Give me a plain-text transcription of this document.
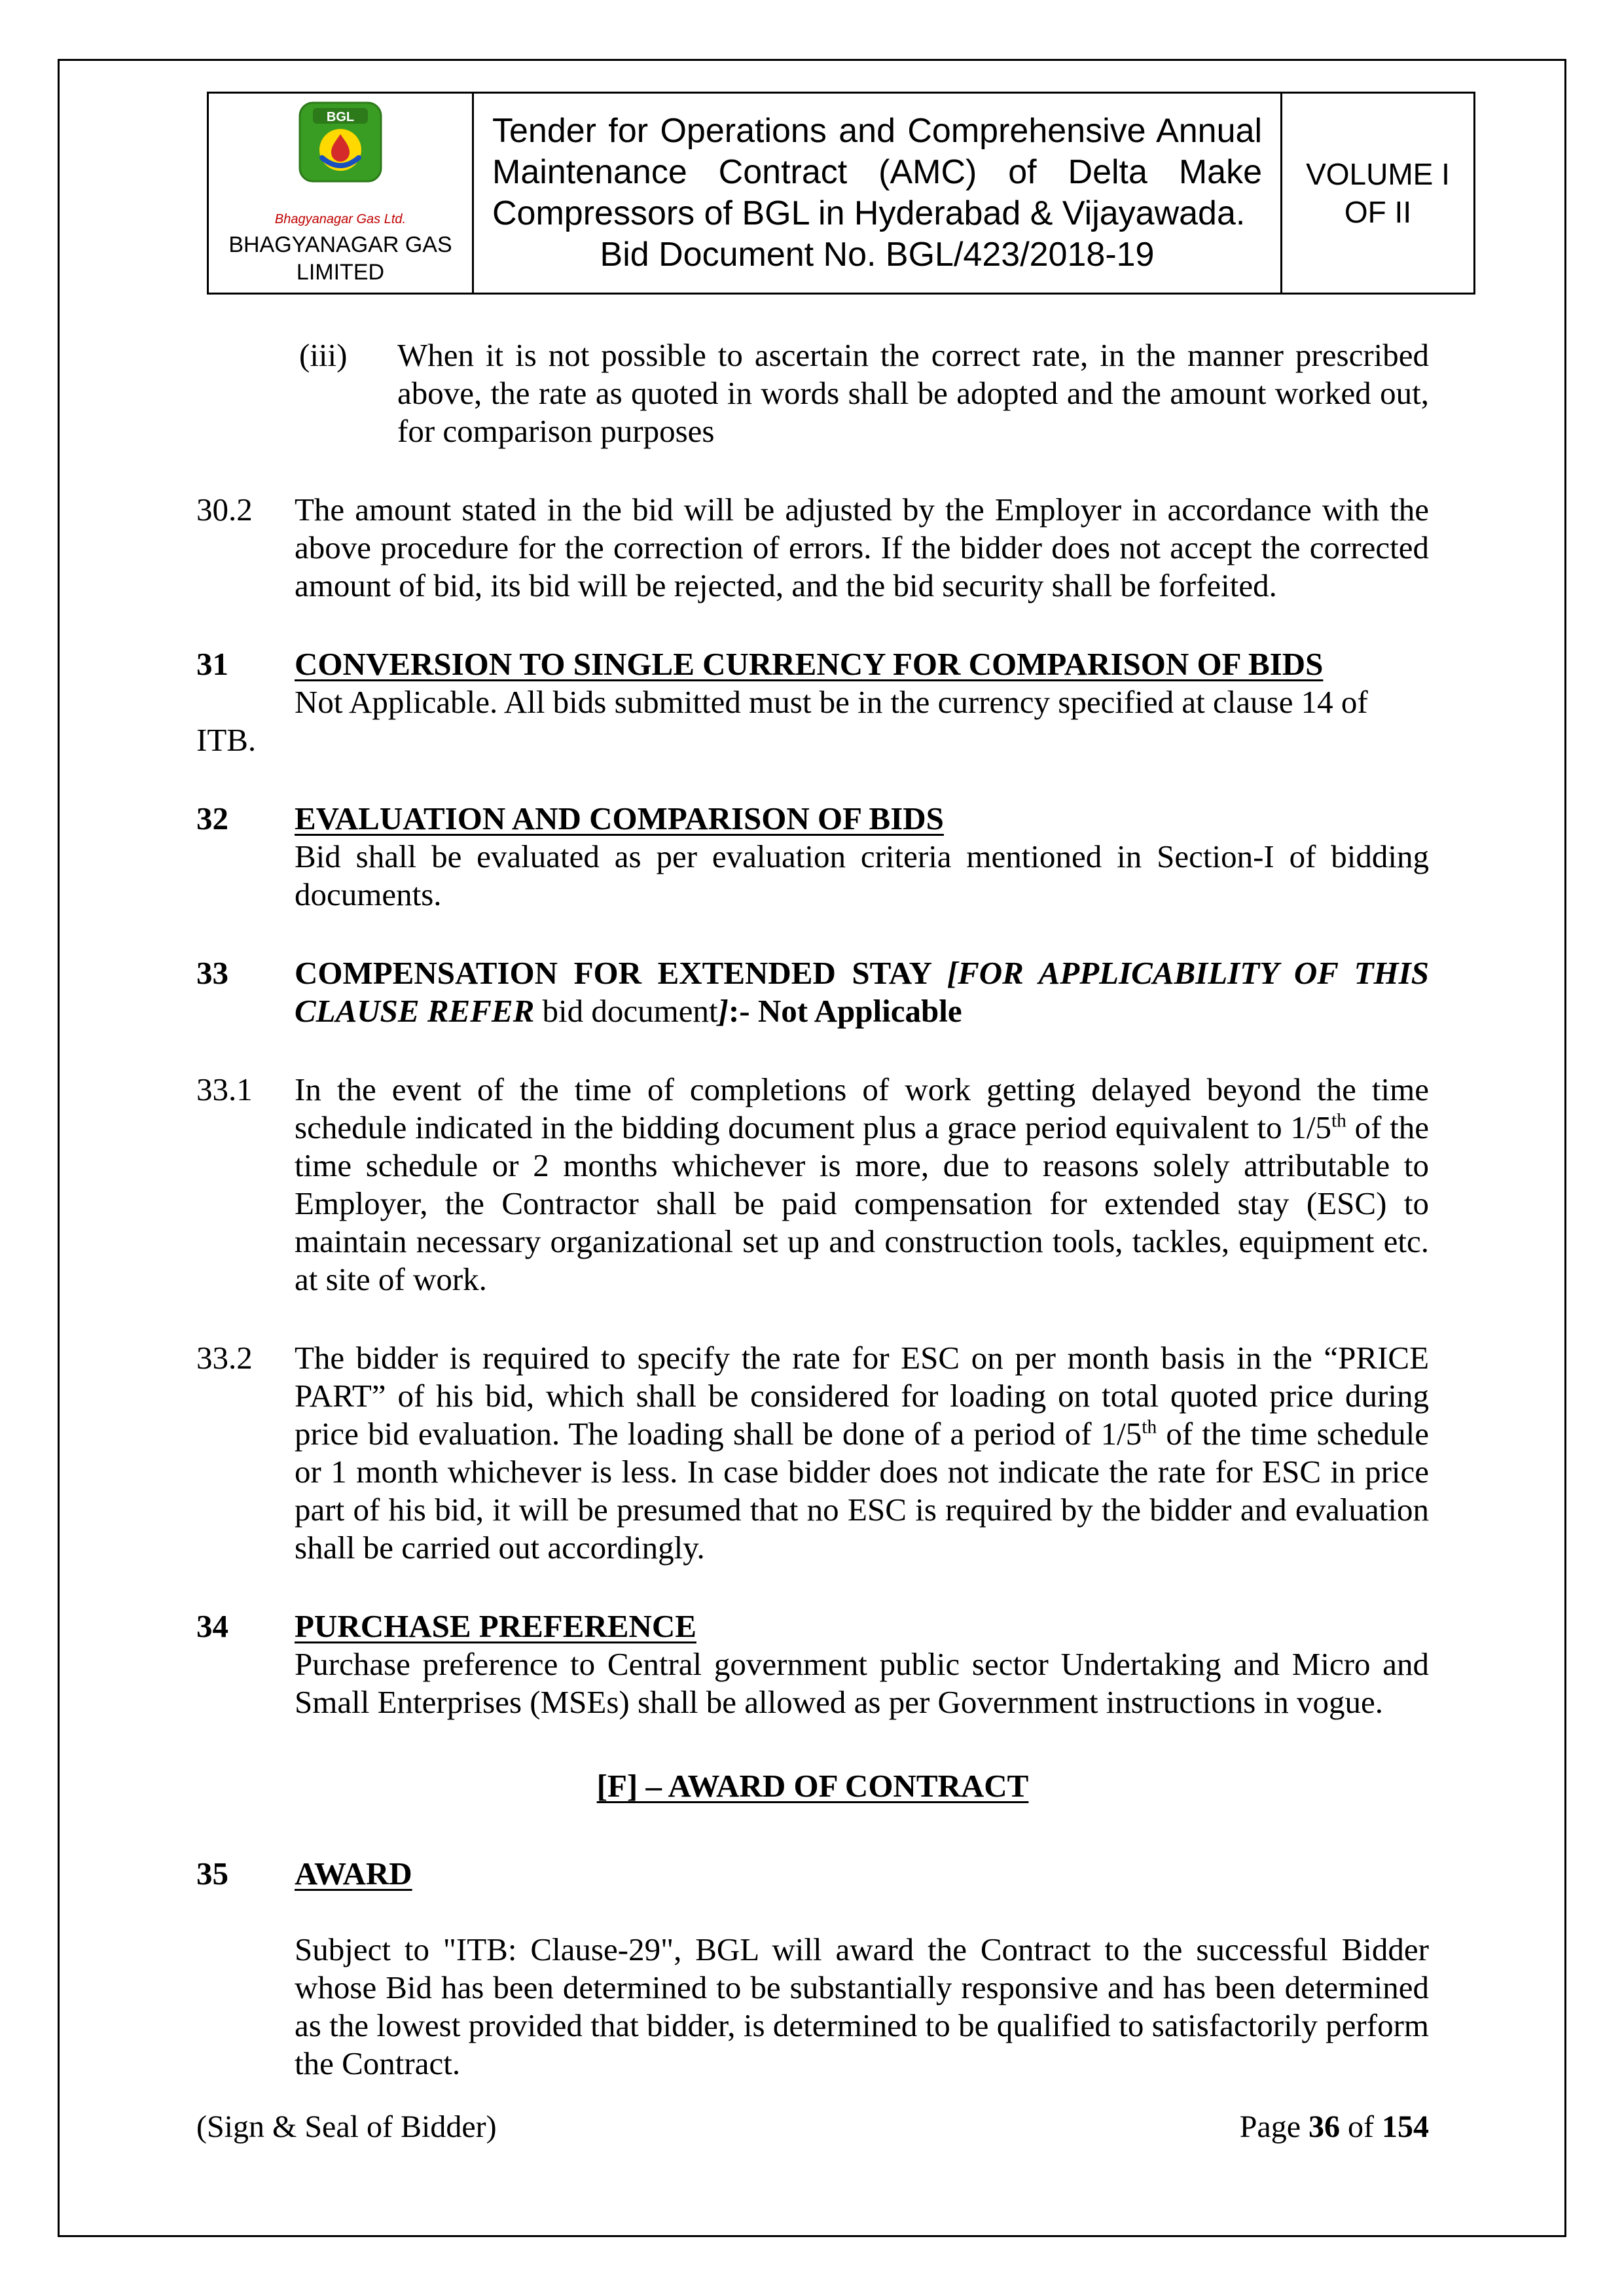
BGL
Bhagyanagar Gas Ltd.
BHAGYANAGAR GAS
LIMITED

Tender for Operations and Comprehensive Annual Maintenance Contract (AMC) of Delta Make Compressors of BGL in Hyderabad & Vijayawada.
Bid Document No. BGL/423/2018-19

VOLUME I
OF II
(iii)	When it is not possible to ascertain the correct rate, in the manner prescribed above, the rate as quoted in words shall be adopted and the amount worked out, for comparison purposes

30.2	The amount stated in the bid will be adjusted by the Employer in accordance with the above procedure for the correction of errors. If the bidder does not accept the corrected amount of bid, its bid will be rejected, and the bid security shall be forfeited.

31	CONVERSION TO SINGLE CURRENCY FOR COMPARISON OF BIDS

Not Applicable. All bids submitted must be in the currency specified at clause 14 of

ITB.

32	EVALUATION AND COMPARISON OF BIDS

Bid shall be evaluated as per evaluation criteria mentioned in Section-I of bidding documents.

33	COMPENSATION FOR EXTENDED STAY [FOR APPLICABILITY OF THIS CLAUSE REFER bid document]:- Not Applicable

33.1	In the event of the time of completions of work getting delayed beyond the time schedule indicated in the bidding document plus a grace period equivalent to 1/5th of the time schedule or 2 months whichever is more, due to reasons solely attributable to Employer, the Contractor shall be paid compensation for extended stay (ESC) to maintain necessary organizational set up and construction tools, tackles, equipment etc. at site of work.

33.2	The bidder is required to specify the rate for ESC on per month basis in the “PRICE PART” of his bid, which shall be considered for loading on total quoted price during price bid evaluation. The loading shall be done of a period of 1/5th of the time schedule or 1 month whichever is less. In case bidder does not indicate the rate for ESC in price part of his bid, it will be presumed that no ESC is required by the bidder and evaluation shall be carried out accordingly.

34	PURCHASE PREFERENCE

Purchase preference to Central government public sector Undertaking and Micro and Small Enterprises (MSEs) shall be allowed as per Government instructions in vogue.

[F] – AWARD OF CONTRACT
35	AWARD

Subject to "ITB: Clause-29", BGL will award the Contract to the successful Bidder whose Bid has been determined to be substantially responsive and has been determined as the lowest provided that bidder, is determined to be qualified to satisfactorily perform the Contract.

(Sign & Seal of Bidder)	Page 36 of 154
